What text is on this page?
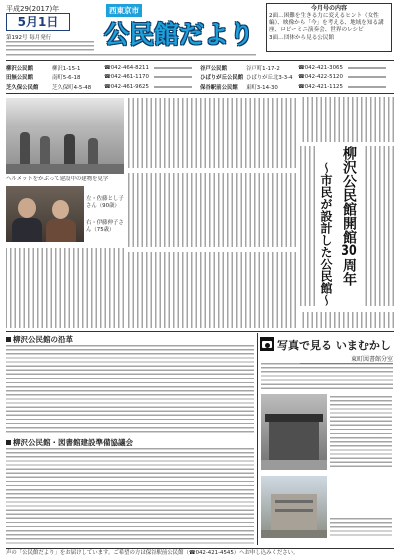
平成29(2017)年
5月1日
第192号 毎月発行
西東京市
公民館だより
今月号の内容
2面…困難を生きる力に変えるヒント（女性編）、映像から「今」を考える、地域を知る講座、ロビーミニ演奏会、世界のレシピ
3面…団体から見る公民館
柳沢公民館	柳沢1-15-1	☎042-464-8211	谷戸公民館	谷戸町1-17-2	☎042-421-3065
田無公民館	南町5-6-18	☎042-461-1170	ひばりが丘公民館 ひばりが丘北3-3-4	☎042-422-5120
芝久保公民館	芝久保町4-5-48	☎042-461-9625	保谷駅前公民館	東町3-14-30	☎042-421-1125
ヘルメットをかぶって建設中の建物を見学
左・佐藤とし子さん（90歳）
右・伊藤伸子さん（75歳）	～市民が設計した公民館～ 柳沢公民館開館30周年
柳沢公民館の沿革
柳沢公民館・図書館建設準備協議会
写真で見る いまむかし
東町図書館分室
声の「公民館だより」をお届けしています。ご希望の方は保谷駅前公民館（☎042-421-4545）へお申し込みください。
